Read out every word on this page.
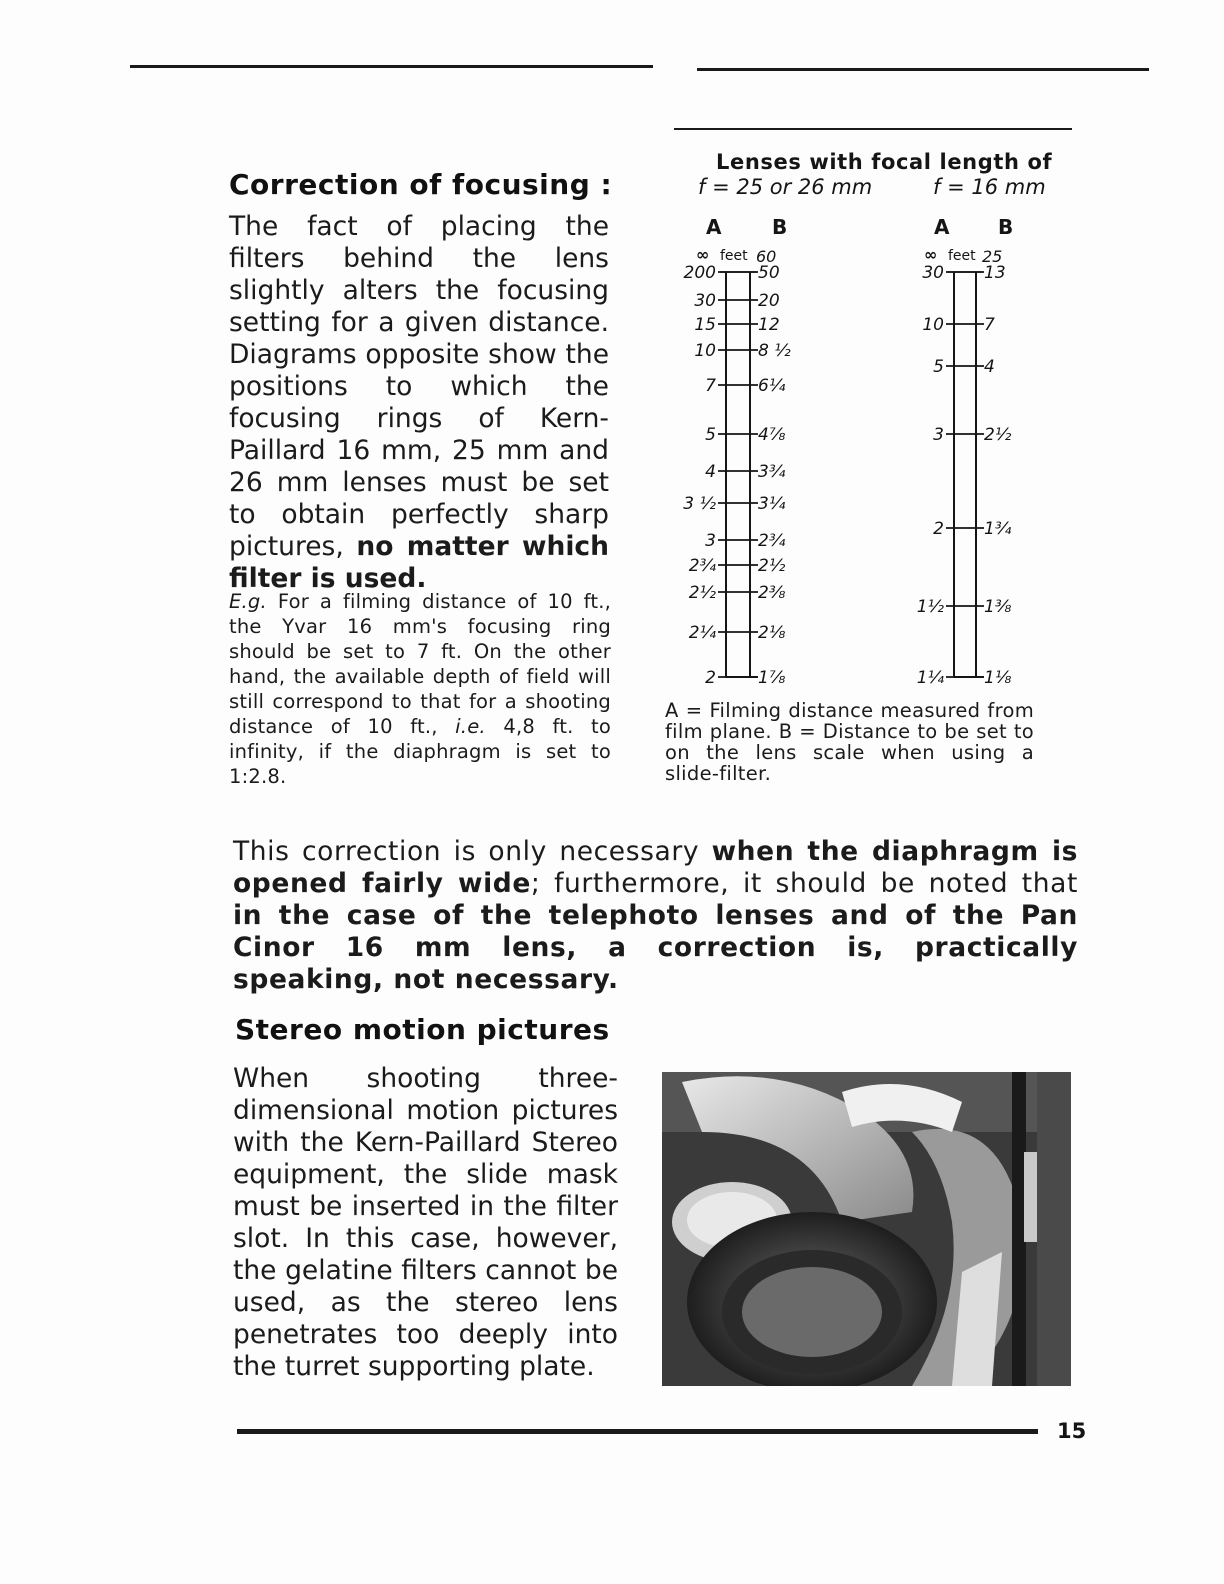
Correction of focusing :
The fact of placing the filters behind the lens slightly alters the focusing setting for a given distance. Diagrams opposite show the positions to which the focusing rings of Kern-Paillard 16 mm, 25 mm and 26 mm lenses must be set to obtain perfectly sharp pictures, no matter which filter is used.
E.g. For a filming distance of 10 ft., the Yvar 16 mm's focusing ring should be set to 7 ft. On the other hand, the available depth of field will still correspond to that for a shooting distance of 10 ft., i.e. 4,8 ft. to infinity, if the diaphragm is set to 1:2.8.
Lenses with focal length of
f = 25 or 26 mm	f = 16 mm
A	B
∞ feet 60
200 50
30 20
15 12
10 8 ½
7 6¼
5 4⅞
4 3¾
3 ½ 3¼
3 2¾
2¾ 2½
2½ 2⅜
2¼ 2⅛
2 1⅞
A B
∞ feet 25
30 13
10 7
5 4
3 2½
2 1¾
1½ 1⅜
1¼ 1⅛
A = Filming distance measured from film plane. B = Distance to be set to on the lens scale when using a slide-filter.
This correction is only necessary when the diaphragm is opened fairly wide; furthermore, it should be noted that in the case of the telephoto lenses and of the Pan Cinor 16 mm lens, a correction is, practically speaking, not necessary.
Stereo motion pictures
When shooting three-dimensional motion pictures with the Kern-Paillard Stereo equipment, the slide mask must be inserted in the filter slot. In this case, however, the gelatine filters cannot be used, as the stereo lens penetrates too deeply into the turret supporting plate.
15
